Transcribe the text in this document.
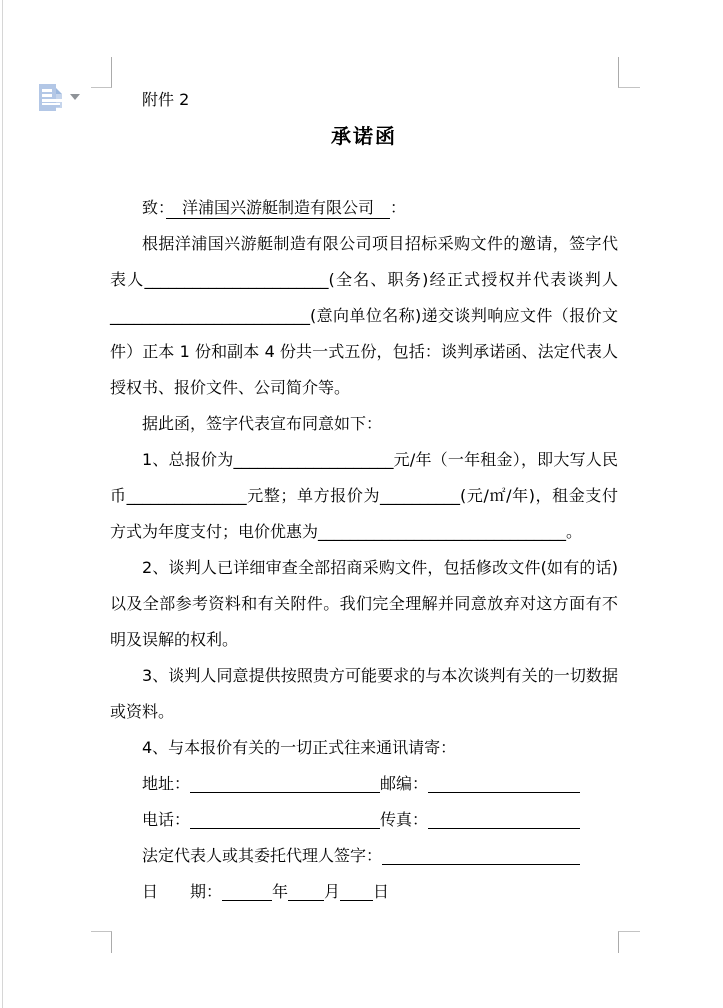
附件 2

承诺函

致：　洋浦国兴游艇制造有限公司　：

根据洋浦国兴游艇制造有限公司项目招标采购文件的邀请，签字代表人_______________________(全名、职务)经正式授权并代表谈判人_________________________(意向单位名称)递交谈判响应文件（报价文件）正本 1 份和副本 4 份共一式五份，包括：谈判承诺函、法定代表人授权书、报价文件、公司简介等。

据此函，签字代表宣布同意如下：

1、总报价为____________________元/年（一年租金），即大写人民币_______________元整；单方报价为__________(元/㎡/年)，租金支付方式为年度支付；电价优惠为_______________________________。

2、谈判人已详细审查全部招商采购文件，包括修改文件(如有的话)以及全部参考资料和有关附件。我们完全理解并同意放弃对这方面有不明及误解的权利。

3、谈判人同意提供按照贵方可能要求的与本次谈判有关的一切数据或资料。

4、与本报价有关的一切正式往来通讯请寄：

地址：	邮编：

电话：	传真：

法定代表人或其委托代理人签字：

日　　期：	年 月 日
